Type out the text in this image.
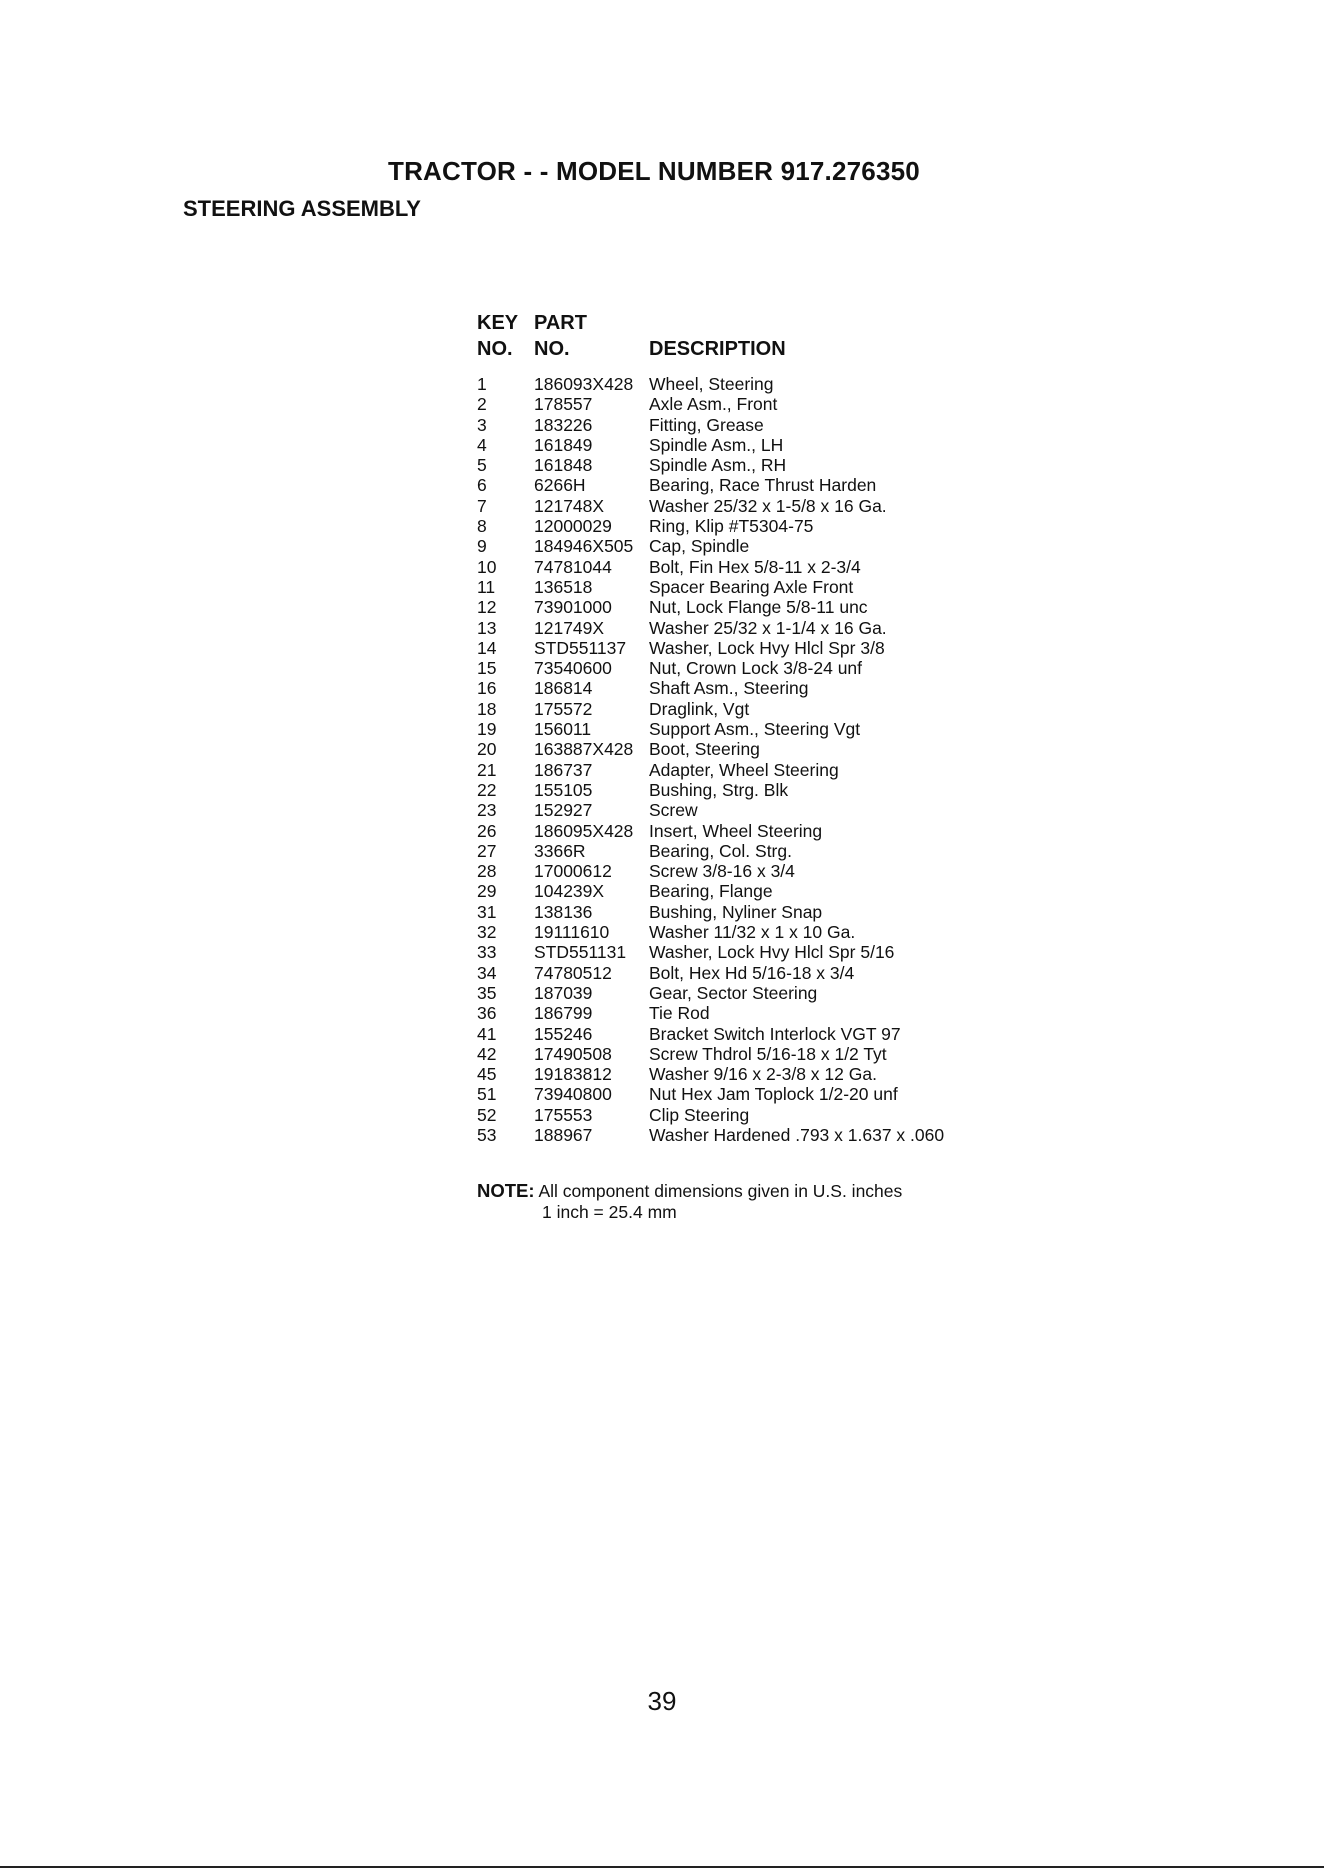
TRACTOR - - MODEL NUMBER 917.276350
STEERING ASSEMBLY
KEY
NO.
PART
NO.	DESCRIPTION
1	186093X428 Wheel, Steering
2	178557	Axle Asm., Front
3	183226	Fitting, Grease
4	161849	Spindle Asm., LH
5	161848	Spindle Asm., RH
6	6266H	Bearing, Race Thrust Harden
7	121748X	Washer 25/32 x 1-5/8 x 16 Ga.
8	12000029 Ring, Klip #T5304-75
9	184946X505 Cap, Spindle
10 74781044 Bolt, Fin Hex 5/8-11 x 2-3/4
11 136518	Spacer Bearing Axle Front
12 73901000 Nut, Lock Flange 5/8-11 unc
13 121749X	Washer 25/32 x 1-1/4 x 16 Ga.
14 STD551137 Washer, Lock Hvy Hlcl Spr 3/8
15 73540600 Nut, Crown Lock 3/8-24 unf
16 186814	Shaft Asm., Steering
18 175572	Draglink, Vgt
19 156011	Support Asm., Steering Vgt
20 163887X428 Boot, Steering
21 186737	Adapter, Wheel Steering
22 155105	Bushing, Strg. Blk
23 152927	Screw
26 186095X428 Insert, Wheel Steering
27 3366R	Bearing, Col. Strg.
28 17000612 Screw 3/8-16 x 3/4
29 104239X	Bearing, Flange
31 138136	Bushing, Nyliner Snap
32 19111610 Washer 11/32 x 1 x 10 Ga.
33 STD551131 Washer, Lock Hvy Hlcl Spr 5/16
34 74780512 Bolt, Hex Hd 5/16-18 x 3/4
35 187039	Gear, Sector Steering
36 186799	Tie Rod
41 155246	Bracket Switch Interlock VGT 97
42 17490508 Screw Thdrol 5/16-18 x 1/2 Tyt
45 19183812 Washer 9/16 x 2-3/8 x 12 Ga.
51 73940800 Nut Hex Jam Toplock 1/2-20 unf
52 175553	Clip Steering
53 188967	Washer Hardened .793 x 1.637 x .060
NOTE: All component dimensions given in U.S. inches
1 inch = 25.4 mm
39
